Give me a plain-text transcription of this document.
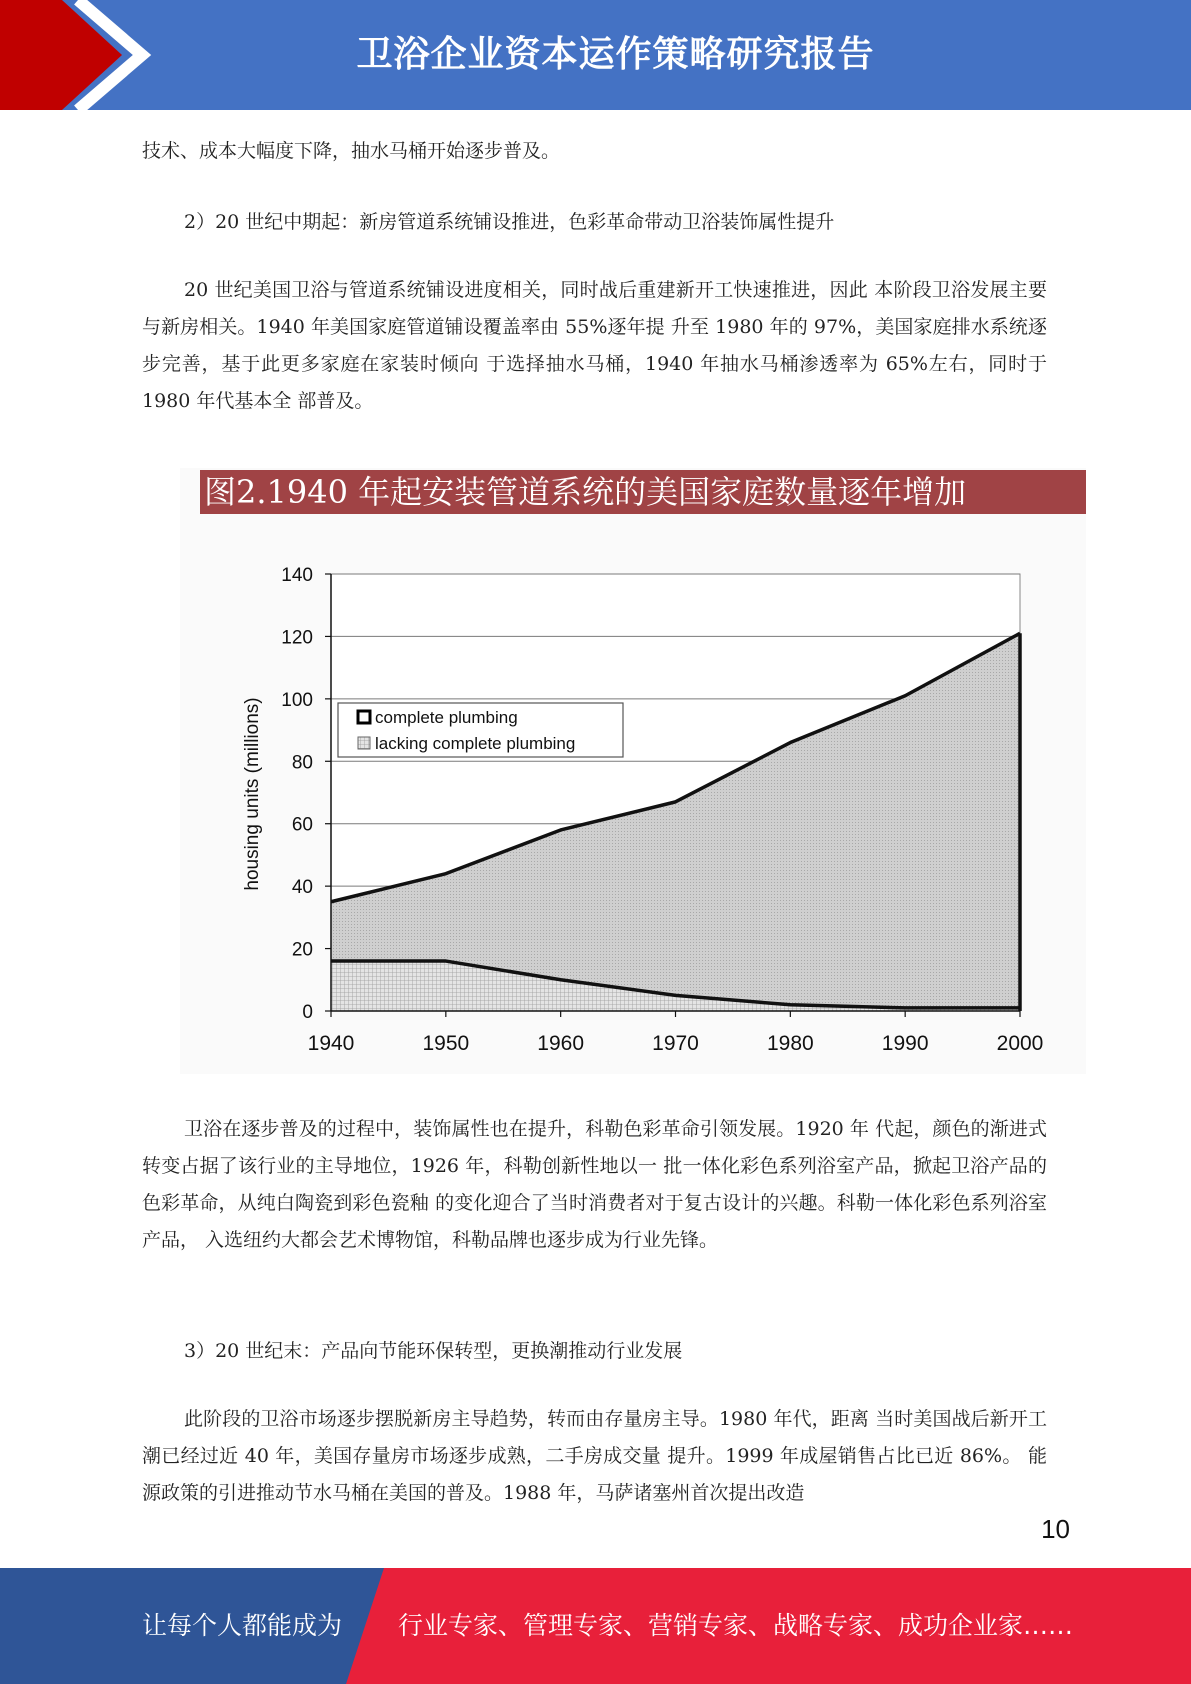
卫浴企业资本运作策略研究报告

技术、成本大幅度下降，抽水马桶开始逐步普及。

2）20 世纪中期起：新房管道系统铺设推进，色彩革命带动卫浴装饰属性提升

20 世纪美国卫浴与管道系统铺设进度相关，同时战后重建新开工快速推进，因此 本阶段卫浴发展主要与新房相关。1940 年美国家庭管道铺设覆盖率由 55%逐年提 升至 1980 年的 97%，美国家庭排水系统逐步完善，基于此更多家庭在家装时倾向 于选择抽水马桶，1940 年抽水马桶渗透率为 65%左右，同时于 1980 年代基本全 部普及。

图2.1940 年起安装管道系统的美国家庭数量逐年增加
0
20
40
60
80
100
120
140
1940	1950	1960	1970	1980	1990	2000
housing units (millions)	complete plumbing
lacking complete plumbing

卫浴在逐步普及的过程中，装饰属性也在提升，科勒色彩革命引领发展。1920 年 代起，颜色的渐进式转变占据了该行业的主导地位，1926 年，科勒创新性地以一 批一体化彩色系列浴室产品，掀起卫浴产品的色彩革命，从纯白陶瓷到彩色瓷釉 的变化迎合了当时消费者对于复古设计的兴趣。科勒一体化彩色系列浴室产品， 入选纽约大都会艺术博物馆，科勒品牌也逐步成为行业先锋。

3）20 世纪末：产品向节能环保转型，更换潮推动行业发展

此阶段的卫浴市场逐步摆脱新房主导趋势，转而由存量房主导。1980 年代，距离 当时美国战后新开工潮已经过近 40 年，美国存量房市场逐步成熟，二手房成交量 提升。1999 年成屋销售占比已近 86%。 能源政策的引进推动节水马桶在美国的普及。1988 年，马萨诸塞州首次提出改造

10
让每个人都能成为 行业专家、管理专家、营销专家、战略专家、成功企业家……
